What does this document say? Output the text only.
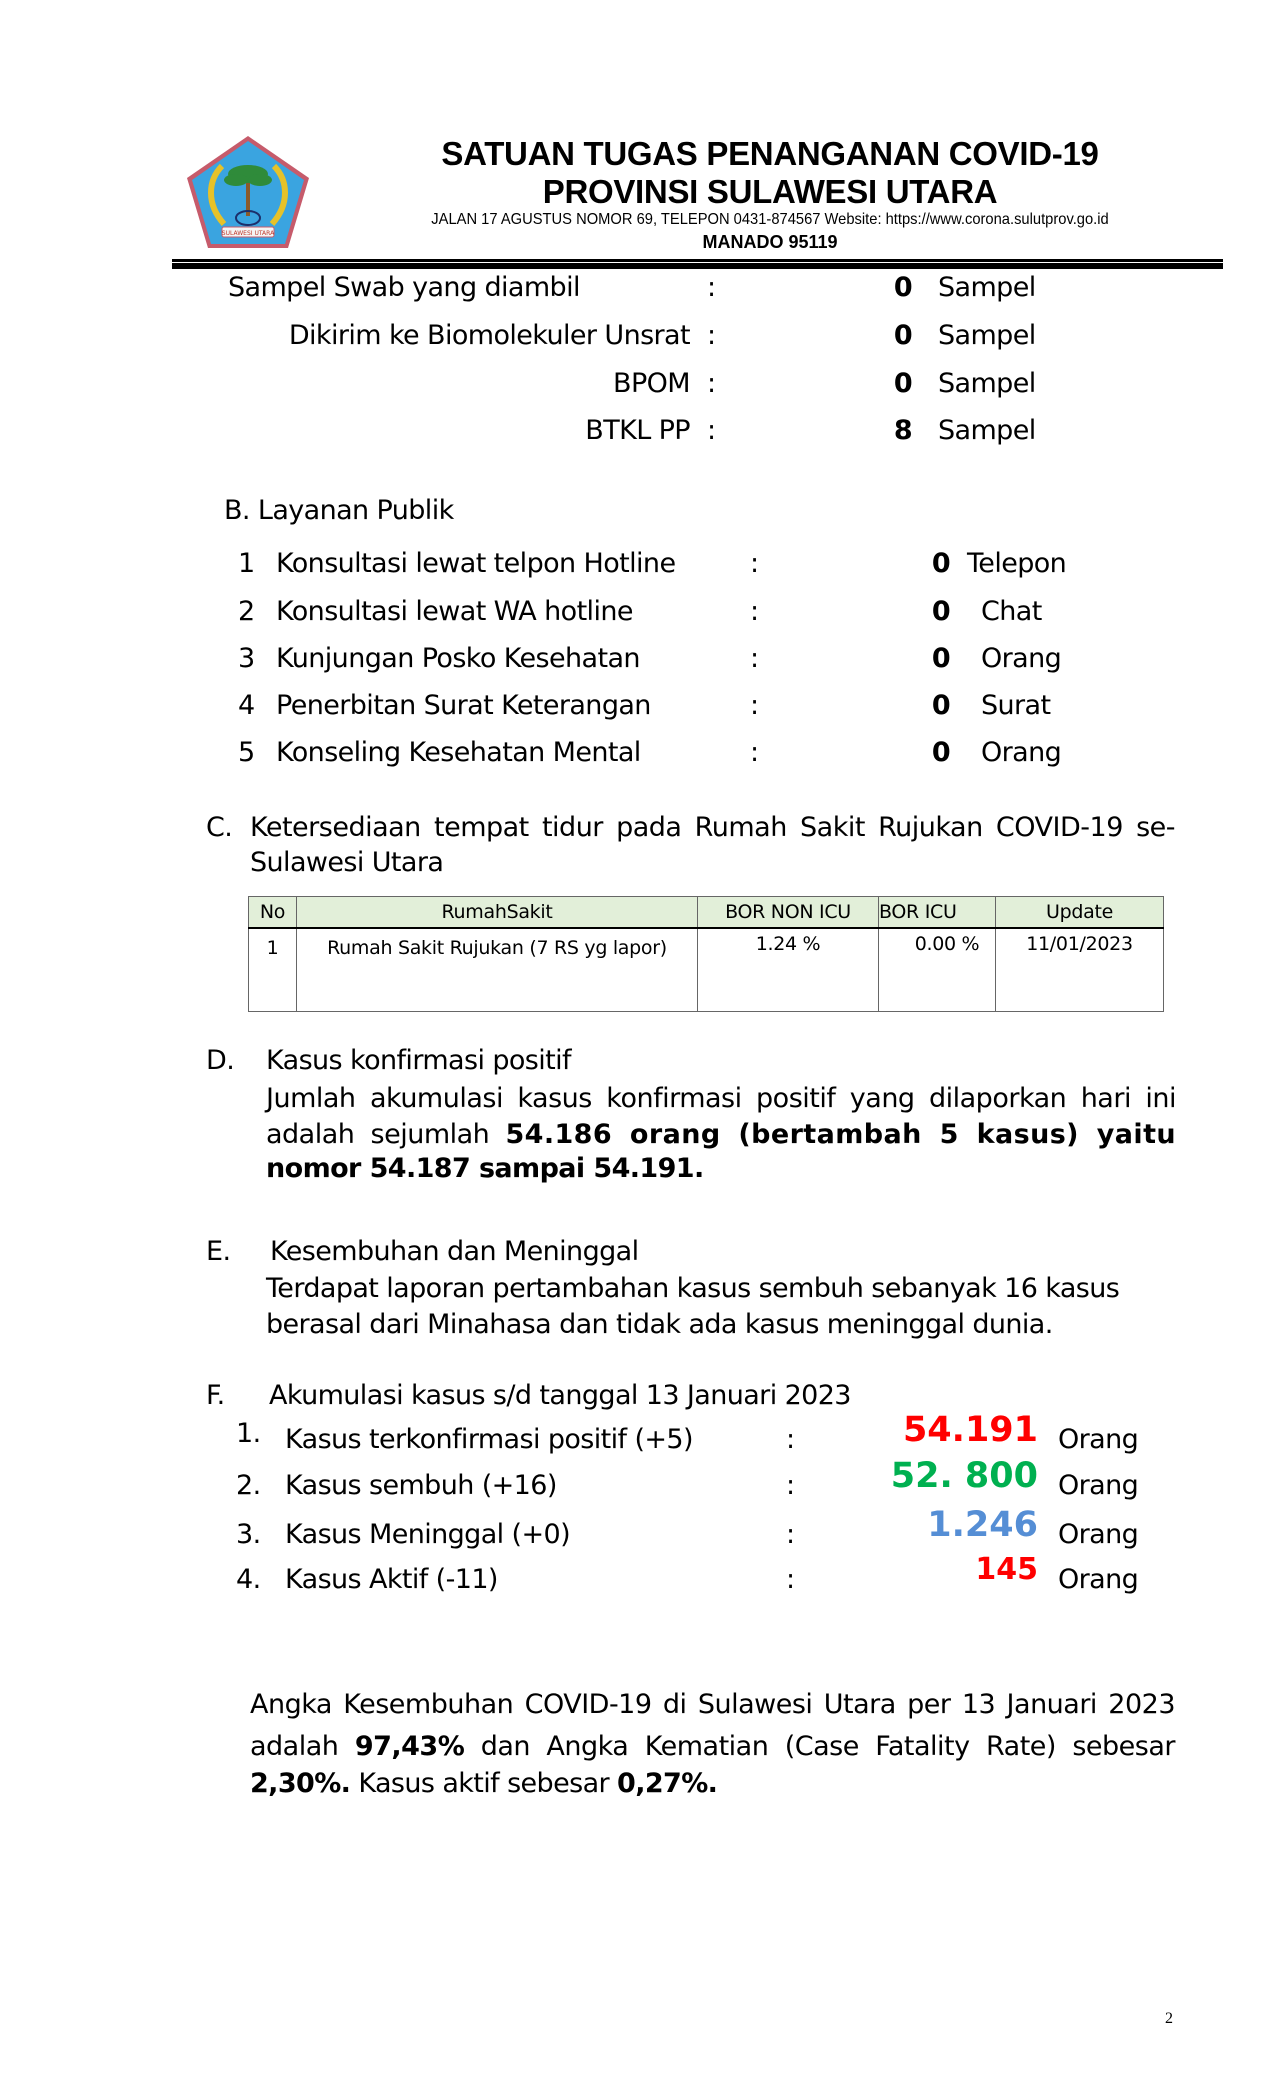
SULAWESI UTARA
SATUAN TUGAS PENANGANAN COVID-19
PROVINSI SULAWESI UTARA
JALAN 17 AGUSTUS NOMOR 69, TELEPON 0431-874567 Website: https://www.corona.sulutprov.go.id
MANADO 95119
Sampel Swab yang diambil	:	0 Sampel
Dikirim ke Biomolekuler Unsrat :	0 Sampel
BPOM :	0 Sampel
BTKL PP :	8 Sampel
B. Layanan Publik
1 Konsultasi lewat telpon Hotline	:	0 Telepon
2 Konsultasi lewat WA hotline	:	0 Chat
3 Kunjungan Posko Kesehatan	:	0 Orang
4 Penerbitan Surat Keterangan	:	0 Surat
5 Konseling Kesehatan Mental	:	0 Orang
C. Ketersediaan tempat tidur pada Rumah Sakit Rujukan COVID-19 se-
Sulawesi Utara
No	RumahSakit	BOR NON ICU	BOR ICU	Update
1	Rumah Sakit Rujukan (7 RS yg lapor)	1.24 %	0.00 %	11/01/2023
D. Kasus konfirmasi positif
Jumlah akumulasi kasus konfirmasi positif yang dilaporkan hari ini
adalah sejumlah 54.186 orang (bertambah 5 kasus) yaitu
nomor 54.187 sampai 54.191.
E. Kesembuhan dan Meninggal
Terdapat laporan pertambahan kasus sembuh sebanyak 16 kasus
berasal dari Minahasa dan tidak ada kasus meninggal dunia.
F. Akumulasi kasus s/d tanggal 13 Januari 2023
1. Kasus terkonfirmasi positif (+5)	:	54.191 Orang
2. Kasus sembuh (+16)	:	52. 800 Orang
3. Kasus Meninggal (+0)	:	1.246 Orang
4. Kasus Aktif (-11)	:	145 Orang
Angka Kesembuhan COVID-19 di Sulawesi Utara per 13 Januari 2023
adalah 97,43% dan Angka Kematian (Case Fatality Rate) sebesar
2,30%. Kasus aktif sebesar 0,27%.
2
